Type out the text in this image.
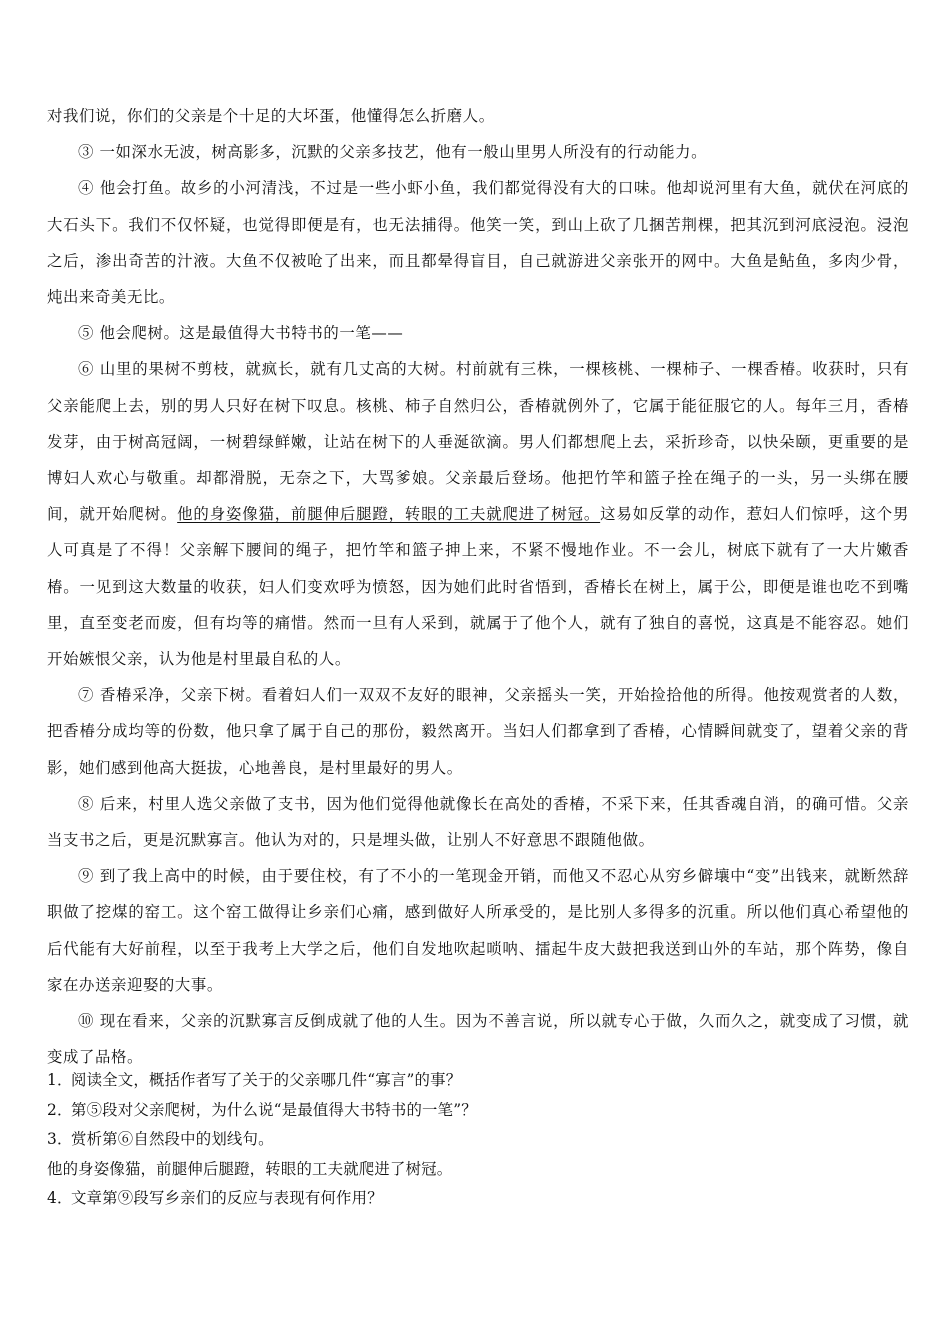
对我们说，你们的父亲是个十足的大坏蛋，他懂得怎么折磨人。

③ 一如深水无波，树高影多，沉默的父亲多技艺，他有一般山里男人所没有的行动能力。

④ 他会打鱼。故乡的小河清浅，不过是一些小虾小鱼，我们都觉得没有大的口味。他却说河里有大鱼，就伏在河底的大石头下。我们不仅怀疑，也觉得即便是有，也无法捕得。他笑一笑，到山上砍了几捆苦荆棵，把其沉到河底浸泡。浸泡之后，渗出奇苦的汁液。大鱼不仅被呛了出来，而且都晕得盲目，自己就游进父亲张开的网中。大鱼是鲇鱼，多肉少骨，炖出来奇美无比。

⑤ 他会爬树。这是最值得大书特书的一笔——

⑥ 山里的果树不剪枝，就疯长，就有几丈高的大树。村前就有三株，一棵核桃、一棵柿子、一棵香椿。收获时，只有父亲能爬上去，别的男人只好在树下叹息。核桃、柿子自然归公，香椿就例外了，它属于能征服它的人。每年三月，香椿发芽，由于树高冠阔，一树碧绿鲜嫩，让站在树下的人垂涎欲滴。男人们都想爬上去，采折珍奇，以快朵颐，更重要的是博妇人欢心与敬重。却都滑脱，无奈之下，大骂爹娘。父亲最后登场。他把竹竿和篮子拴在绳子的一头，另一头绑在腰间，就开始爬树。他的身姿像猫，前腿伸后腿蹬，转眼的工夫就爬进了树冠。这易如反掌的动作，惹妇人们惊呼，这个男人可真是了不得！父亲解下腰间的绳子，把竹竿和篮子抻上来，不紧不慢地作业。不一会儿，树底下就有了一大片嫩香椿。一见到这大数量的收获，妇人们变欢呼为愤怒，因为她们此时省悟到，香椿长在树上，属于公，即便是谁也吃不到嘴里，直至变老而废，但有均等的痛惜。然而一旦有人采到，就属于了他个人，就有了独自的喜悦，这真是不能容忍。她们开始嫉恨父亲，认为他是村里最自私的人。

⑦ 香椿采净，父亲下树。看着妇人们一双双不友好的眼神，父亲摇头一笑，开始捡拾他的所得。他按观赏者的人数，把香椿分成均等的份数，他只拿了属于自己的那份，毅然离开。当妇人们都拿到了香椿，心情瞬间就变了，望着父亲的背影，她们感到他高大挺拔，心地善良，是村里最好的男人。

⑧ 后来，村里人选父亲做了支书，因为他们觉得他就像长在高处的香椿，不采下来，任其香魂自消，的确可惜。父亲当支书之后，更是沉默寡言。他认为对的，只是埋头做，让别人不好意思不跟随他做。

⑨ 到了我上高中的时候，由于要住校，有了不小的一笔现金开销，而他又不忍心从穷乡僻壤中“变”出钱来，就断然辞职做了挖煤的窑工。这个窑工做得让乡亲们心痛，感到做好人所承受的，是比别人多得多的沉重。所以他们真心希望他的后代能有大好前程，以至于我考上大学之后，他们自发地吹起唢呐、擂起牛皮大鼓把我送到山外的车站，那个阵势，像自家在办送亲迎娶的大事。

⑩ 现在看来，父亲的沉默寡言反倒成就了他的人生。因为不善言说，所以就专心于做，久而久之，就变成了习惯，就变成了品格。

1．阅读全文，概括作者写了关于的父亲哪几件“寡言”的事？

2．第⑤段对父亲爬树，为什么说“是最值得大书特书的一笔”？

3．赏析第⑥自然段中的划线句。

他的身姿像猫，前腿伸后腿蹬，转眼的工夫就爬进了树冠。

4．文章第⑨段写乡亲们的反应与表现有何作用？
